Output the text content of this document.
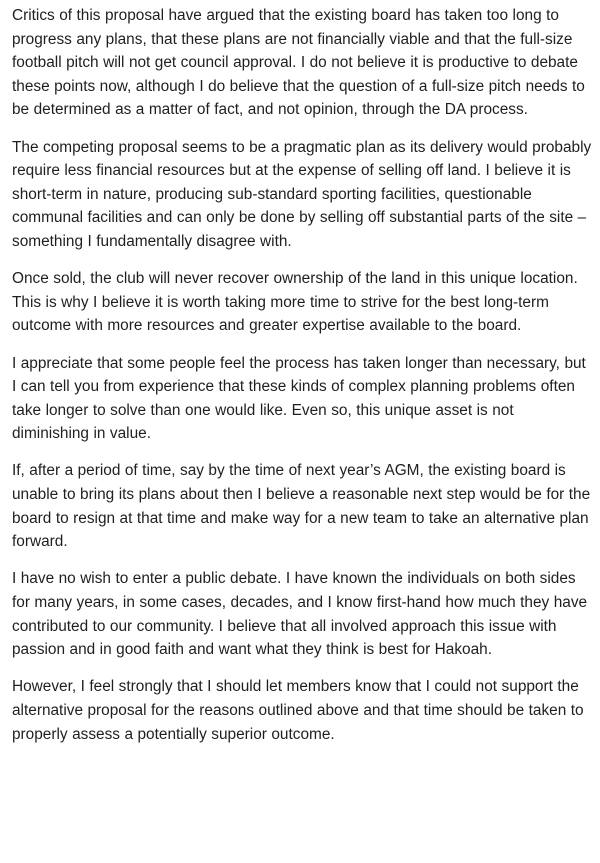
Critics of this proposal have argued that the existing board has taken too long to progress any plans, that these plans are not financially viable and that the full-size football pitch will not get council approval. I do not believe it is productive to debate these points now, although I do believe that the question of a full-size pitch needs to be determined as a matter of fact, and not opinion, through the DA process.

The competing proposal seems to be a pragmatic plan as its delivery would probably require less financial resources but at the expense of selling off land. I believe it is short-term in nature, producing sub-standard sporting facilities, questionable communal facilities and can only be done by selling off substantial parts of the site – something I fundamentally disagree with.

Once sold, the club will never recover ownership of the land in this unique location. This is why I believe it is worth taking more time to strive for the best long-term outcome with more resources and greater expertise available to the board.

I appreciate that some people feel the process has taken longer than necessary, but I can tell you from experience that these kinds of complex planning problems often take longer to solve than one would like. Even so, this unique asset is not diminishing in value.

If, after a period of time, say by the time of next year’s AGM, the existing board is unable to bring its plans about then I believe a reasonable next step would be for the board to resign at that time and make way for a new team to take an alternative plan forward.

I have no wish to enter a public debate. I have known the individuals on both sides for many years, in some cases, decades, and I know first-hand how much they have contributed to our community. I believe that all involved approach this issue with passion and in good faith and want what they think is best for Hakoah.

However, I feel strongly that I should let members know that I could not support the alternative proposal for the reasons outlined above and that time should be taken to properly assess a potentially superior outcome.
